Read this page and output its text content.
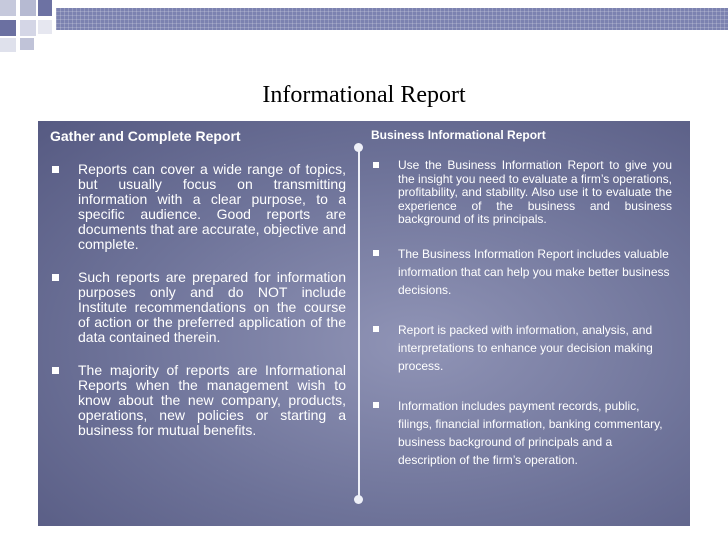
Informational Report
Gather and Complete Report
Reports can cover a wide range of topics, but usually focus on transmitting information with a clear purpose, to a specific audience. Good reports are documents that are accurate, objective and complete.
Such reports are prepared for information purposes only and do NOT include Institute recommendations on the course of action or the preferred application of the data contained therein.
The majority of reports are Informational Reports when the management wish to know about the new company, products, operations, new policies or starting a business for mutual benefits.
Business Informational Report
Use the Business Information Report to give you the insight you need to evaluate a firm’s operations, profitability, and stability. Also use it to evaluate the experience of the business and business background of its principals.
The Business Information Report includes valuable information that can help you make better business decisions.
Report is packed with information, analysis, and interpretations to enhance your decision making process.
Information includes payment records, public, filings, financial information, banking commentary, business background of principals and a description of the firm’s operation.
